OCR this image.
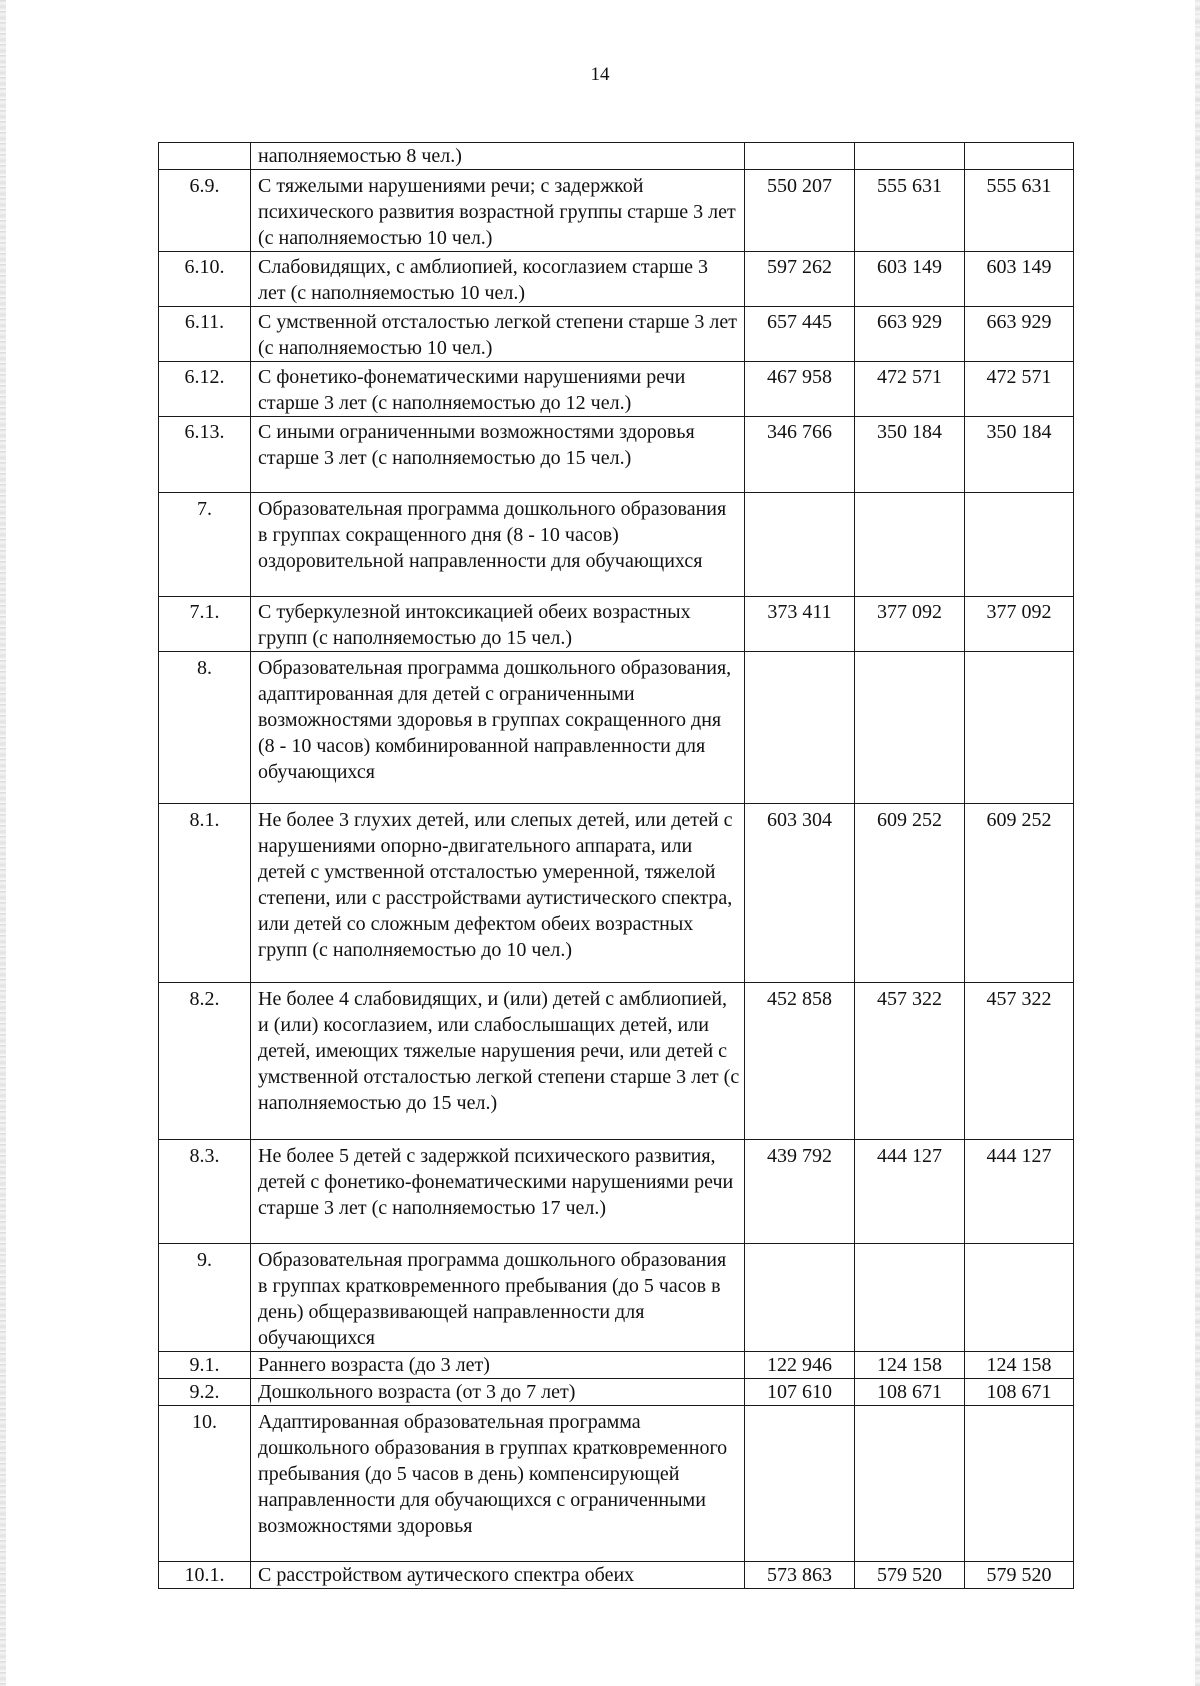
14
	наполняемостью 8 чел.)			
6.9.	С тяжелыми нарушениями речи; с задержкой психического развития возрастной группы старше 3 лет (с наполняемостью 10 чел.)	550 207	555 631	555 631
6.10.	Слабовидящих, с амблиопией, косоглазием старше 3 лет (с наполняемостью 10 чел.)	597 262	603 149	603 149
6.11.	С умственной отсталостью легкой степени старше 3 лет (с наполняемостью 10 чел.)	657 445	663 929	663 929
6.12.	С фонетико-фонематическими нарушениями речи старше 3 лет (с наполняемостью до 12 чел.)	467 958	472 571	472 571
6.13.	С иными ограниченными возможностями здоровья старше 3 лет (с наполняемостью до 15 чел.)	346 766	350 184	350 184
7.	Образовательная программа дошкольного образования в группах сокращенного дня (8 - 10 часов) оздоровительной направленности для обучающихся			
7.1.	С туберкулезной интоксикацией обеих возрастных групп (с наполняемостью до 15 чел.)	373 411	377 092	377 092
8.	Образовательная программа дошкольного образования, адаптированная для детей с ограниченными возможностями здоровья в группах сокращенного дня (8 - 10 часов) комбинированной направленности для обучающихся			
8.1.	Не более 3 глухих детей, или слепых детей, или детей с нарушениями опорно-двигательного аппарата, или детей с умственной отсталостью умеренной, тяжелой степени, или с расстройствами аутистического спектра, или детей со сложным дефектом обеих возрастных групп (с наполняемостью до 10 чел.)	603 304	609 252	609 252
8.2.	Не более 4 слабовидящих, и (или) детей с амблиопией, и (или) косоглазием, или слабослышащих детей, или детей, имеющих тяжелые нарушения речи, или детей с умственной отсталостью легкой степени старше 3 лет (с наполняемостью до 15 чел.)	452 858	457 322	457 322
8.3.	Не более 5 детей с задержкой психического развития, детей с фонетико-фонематическими нарушениями речи старше 3 лет (с наполняемостью 17 чел.)	439 792	444 127	444 127
9.	Образовательная программа дошкольного образования в группах кратковременного пребывания (до 5 часов в день) общеразвивающей направленности для обучающихся			
9.1.	Раннего возраста (до 3 лет)	122 946	124 158	124 158
9.2.	Дошкольного возраста (от 3 до 7 лет)	107 610	108 671	108 671
10.	Адаптированная образовательная программа дошкольного образования в группах кратковременного пребывания (до 5 часов в день) компенсирующей направленности для обучающихся с ограниченными возможностями здоровья			
10.1.	С расстройством аутического спектра обеих	573 863	579 520	579 520
